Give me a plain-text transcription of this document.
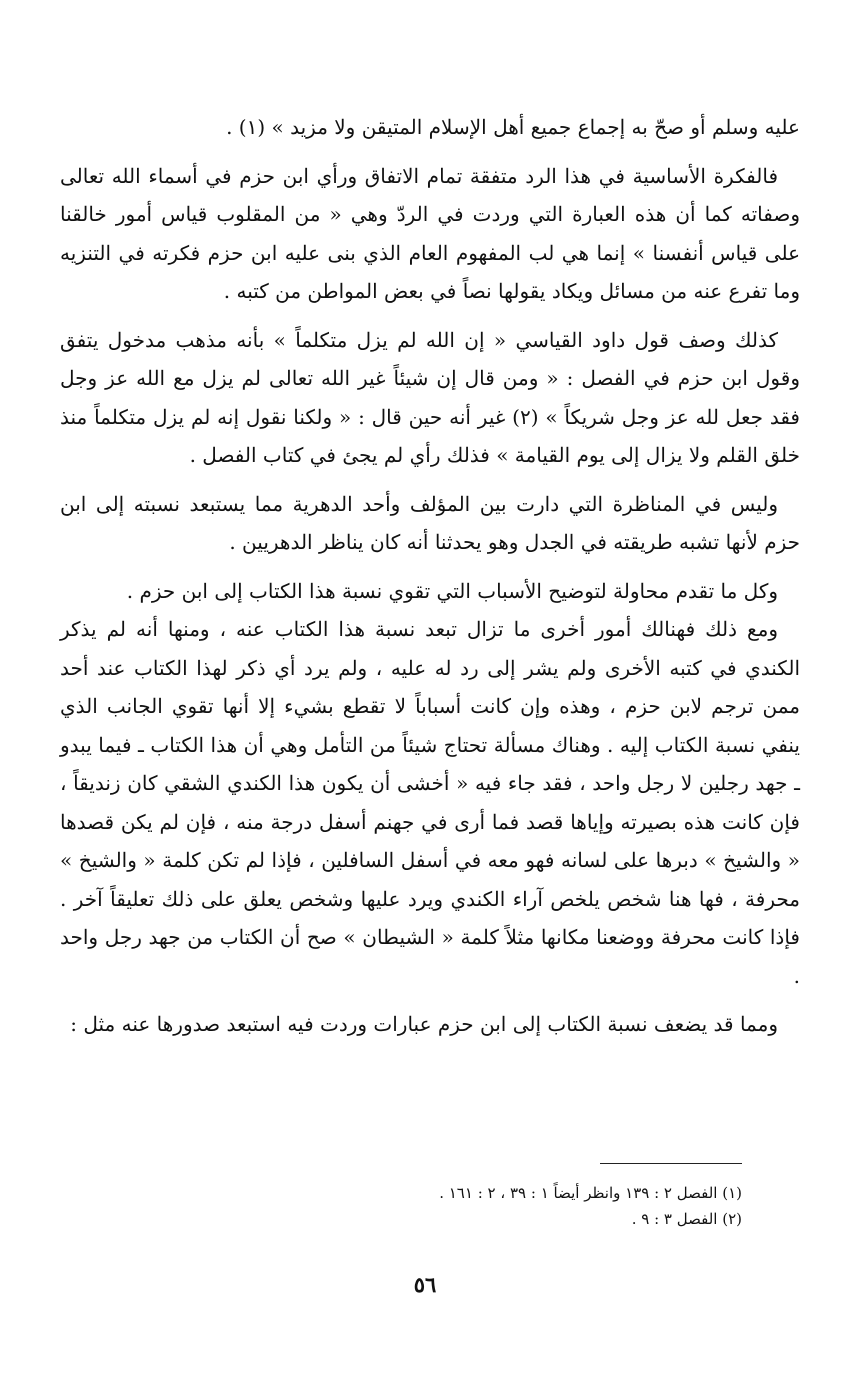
عليه وسلم أو صحّ به إجماع جميع أهل الإسلام المتيقن ولا مزيد » (١) .

فالفكرة الأساسية في هذا الرد متفقة تمام الاتفاق ورأي ابن حزم في أسماء الله تعالى وصفاته كما أن هذه العبارة التي وردت في الردّ وهي « من المقلوب قياس أمور خالقنا على قياس أنفسنا » إنما هي لب المفهوم العام الذي بنى عليه ابن حزم فكرته في التنزيه وما تفرع عنه من مسائل ويكاد يقولها نصاً في بعض المواطن من كتبه .

كذلك وصف قول داود القياسي « إن الله لم يزل متكلماً » بأنه مذهب مدخول يتفق وقول ابن حزم في الفصل : « ومن قال إن شيئاً غير الله تعالى لم يزل مع الله عز وجل فقد جعل لله عز وجل شريكاً » (٢) غير أنه حين قال : « ولكنا نقول إنه لم يزل متكلماً منذ خلق القلم ولا يزال إلى يوم القيامة » فذلك رأي لم يجئ في كتاب الفصل .

وليس في المناظرة التي دارت بين المؤلف وأحد الدهرية مما يستبعد نسبته إلى ابن حزم لأنها تشبه طريقته في الجدل وهو يحدثنا أنه كان يناظر الدهريين .

وكل ما تقدم محاولة لتوضيح الأسباب التي تقوي نسبة هذا الكتاب إلى ابن حزم .

ومع ذلك فهنالك أمور أخرى ما تزال تبعد نسبة هذا الكتاب عنه ، ومنها أنه لم يذكر الكندي في كتبه الأخرى ولم يشر إلى رد له عليه ، ولم يرد أي ذكر لهذا الكتاب عند أحد ممن ترجم لابن حزم ، وهذه وإن كانت أسباباً لا تقطع بشيء إلا أنها تقوي الجانب الذي ينفي نسبة الكتاب إليه . وهناك مسألة تحتاج شيئاً من التأمل وهي أن هذا الكتاب ـ فيما يبدو ـ جهد رجلين لا رجل واحد ، فقد جاء فيه « أخشى أن يكون هذا الكندي الشقي كان زنديقاً ، فإن كانت هذه بصيرته وإياها قصد فما أرى في جهنم أسفل درجة منه ، فإن لم يكن قصدها « والشيخ » دبرها على لسانه فهو معه في أسفل السافلين ، فإذا لم تكن كلمة « والشيخ » محرفة ، فها هنا شخص يلخص آراء الكندي ويرد عليها وشخص يعلق على ذلك تعليقاً آخر . فإذا كانت محرفة ووضعنا مكانها مثلاً كلمة « الشيطان » صح أن الكتاب من جهد رجل واحد .

ومما قد يضعف نسبة الكتاب إلى ابن حزم عبارات وردت فيه استبعد صدورها عنه مثل :

(١) الفصل ٢ : ١٣٩ وانظر أيضاً ١ : ٣٩ ، ٢ : ١٦١ .
(٢) الفصل ٣ : ٩ .
٥٦
